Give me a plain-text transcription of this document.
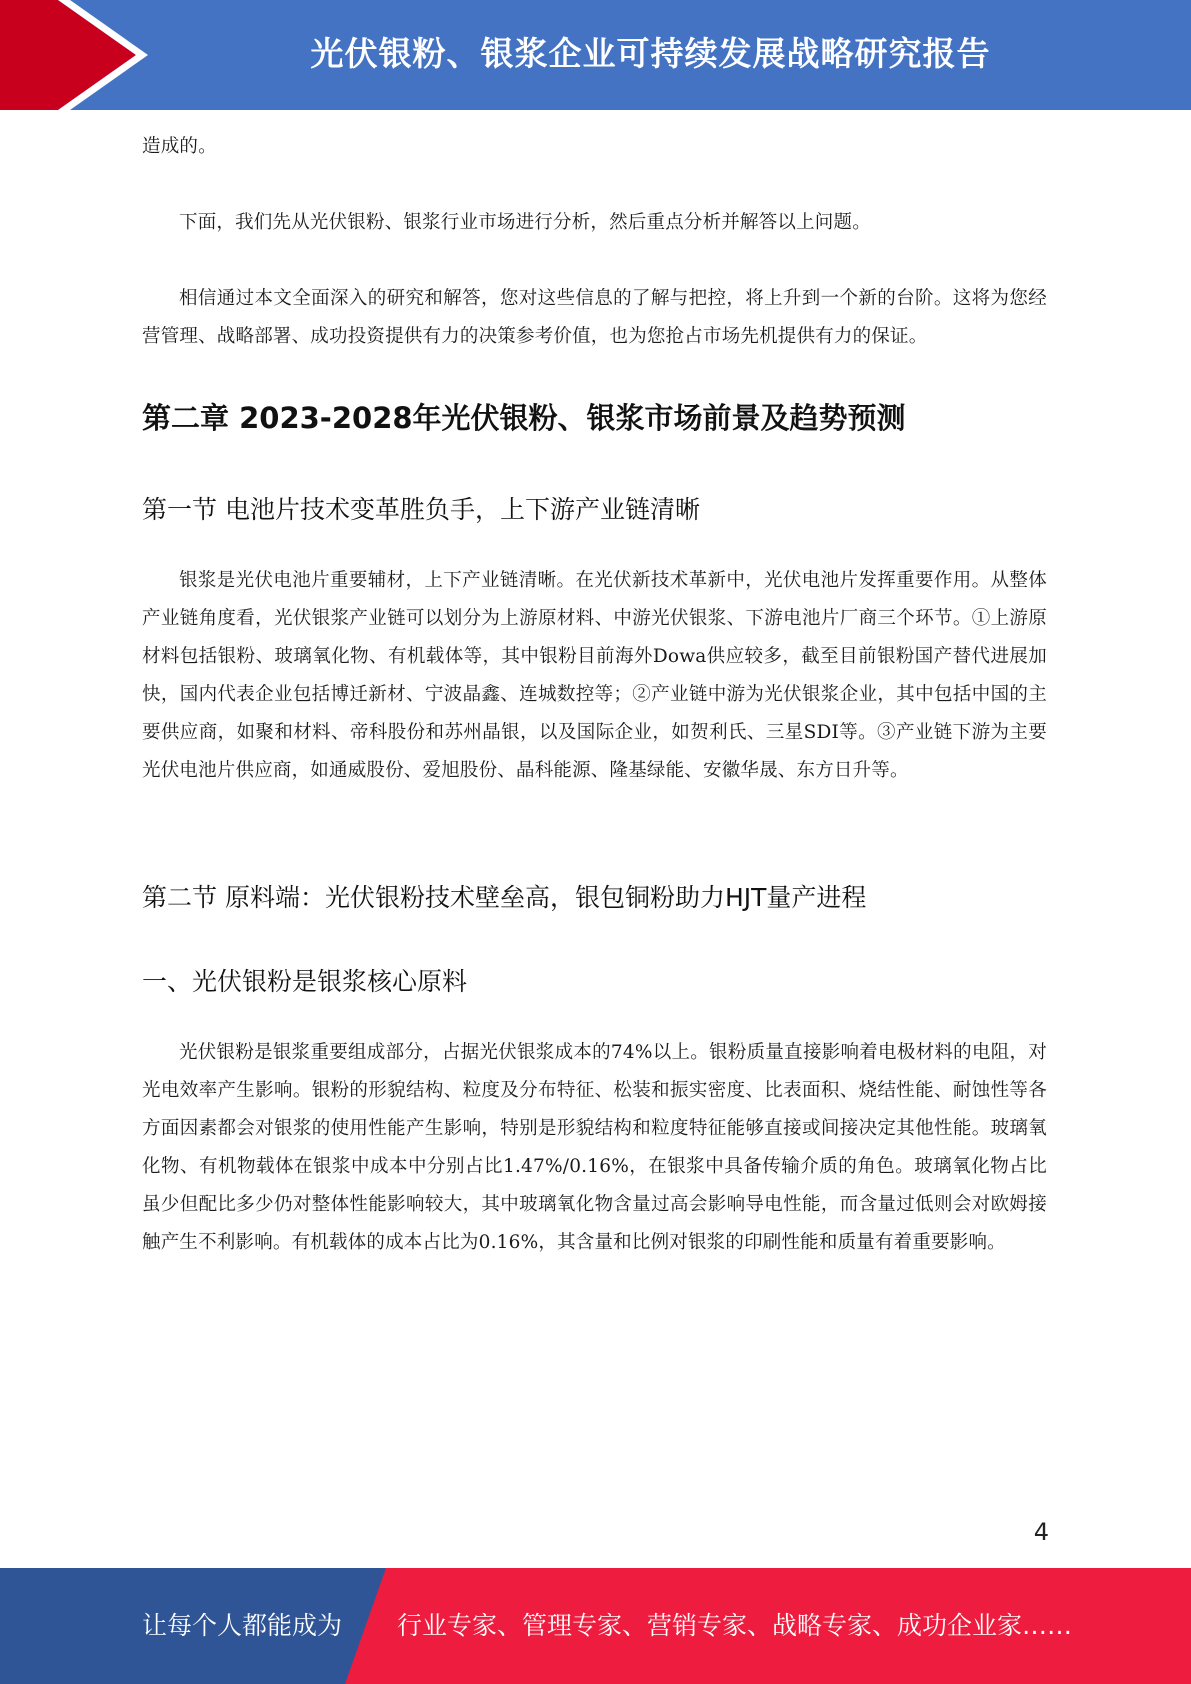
光伏银粉、银浆企业可持续发展战略研究报告

造成的。

下面，我们先从光伏银粉、银浆行业市场进行分析，然后重点分析并解答以上问题。

相信通过本文全面深入的研究和解答，您对这些信息的了解与把控，将上升到一个新的台阶。这将为您经营管理、战略部署、成功投资提供有力的决策参考价值，也为您抢占市场先机提供有力的保证。

第二章 2023-2028年光伏银粉、银浆市场前景及趋势预测
第一节 电池片技术变革胜负手，上下游产业链清晰

银浆是光伏电池片重要辅材，上下产业链清晰。在光伏新技术革新中，光伏电池片发挥重要作用。从整体产业链角度看，光伏银浆产业链可以划分为上游原材料、中游光伏银浆、下游电池片厂商三个环节。①上游原材料包括银粉、玻璃氧化物、有机载体等，其中银粉目前海外Dowa供应较多，截至目前银粉国产替代进展加快，国内代表企业包括博迁新材、宁波晶鑫、连城数控等；②产业链中游为光伏银浆企业，其中包括中国的主要供应商，如聚和材料、帝科股份和苏州晶银，以及国际企业，如贺利氏、三星SDI等。③产业链下游为主要光伏电池片供应商，如通威股份、爱旭股份、晶科能源、隆基绿能、安徽华晟、东方日升等。

第二节 原料端：光伏银粉技术壁垒高，银包铜粉助力HJT量产进程
一、光伏银粉是银浆核心原料

光伏银粉是银浆重要组成部分，占据光伏银浆成本的74%以上。银粉质量直接影响着电极材料的电阻，对光电效率产生影响。银粉的形貌结构、粒度及分布特征、松装和振实密度、比表面积、烧结性能、耐蚀性等各方面因素都会对银浆的使用性能产生影响，特别是形貌结构和粒度特征能够直接或间接决定其他性能。玻璃氧化物、有机物载体在银浆中成本中分别占比1.47%/0.16%，在银浆中具备传输介质的角色。玻璃氧化物占比虽少但配比多少仍对整体性能影响较大，其中玻璃氧化物含量过高会影响导电性能，而含量过低则会对欧姆接触产生不利影响。有机载体的成本占比为0.16%，其含量和比例对银浆的印刷性能和质量有着重要影响。

4
让每个人都能成为 行业专家、管理专家、营销专家、战略专家、成功企业家……
